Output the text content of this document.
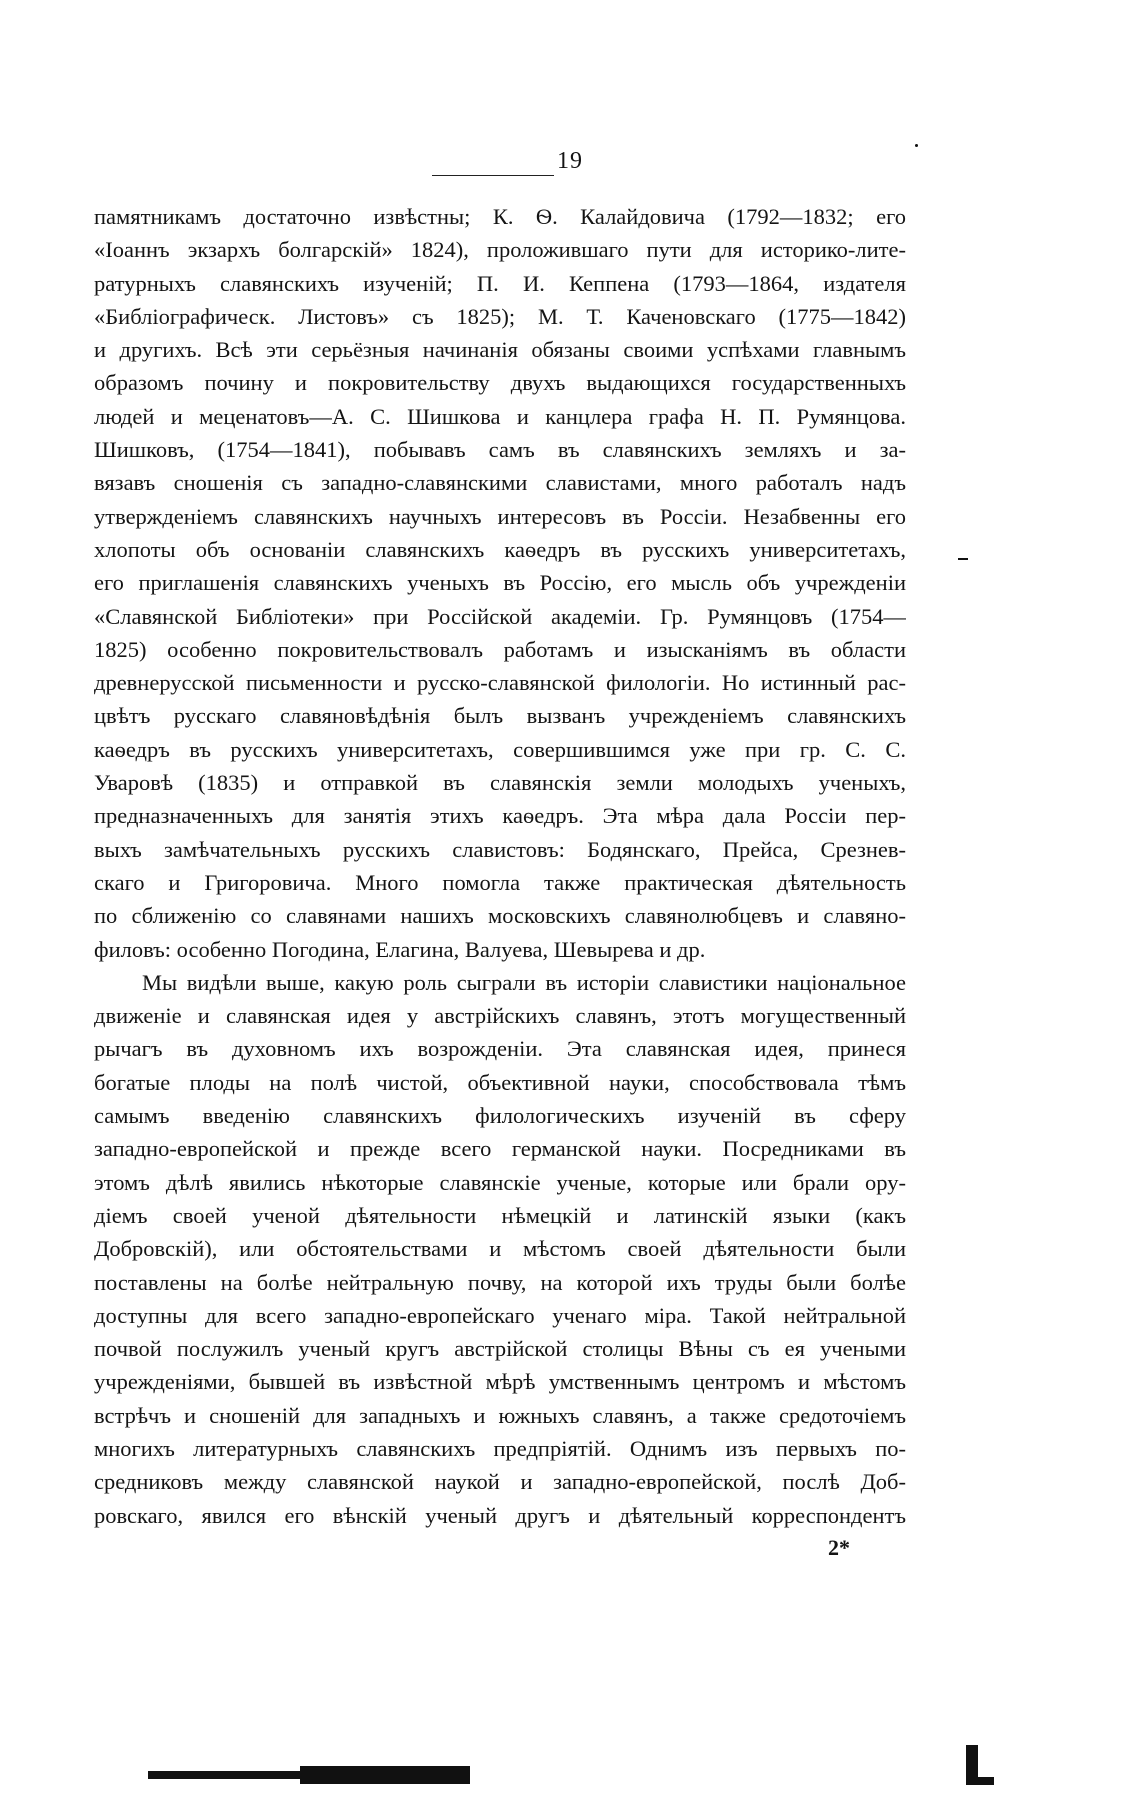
19
памятникамъ достаточно извѣстны; К. Ѳ. Калайдовича (1792—1832; его
«Іоаннъ экзархъ болгарскій» 1824), проложившаго пути для историко-литe-
ратурныхъ славянскихъ изученій; П. И. Кеппена (1793—1864, издателя
«Библіографическ. Листовъ» съ 1825); М. Т. Каченовскаго (1775—1842)
и другихъ. Всѣ эти серьёзныя начинанія обязаны своими успѣхами главнымъ
образомъ почину и покровительству двухъ выдающихся государственныхъ
людей и меценатовъ—А. С. Шишкова и канцлера графа Н. П. Румянцова.
Шишковъ, (1754—1841), побывавъ самъ въ славянскихъ земляхъ и за-
вязавъ сношенія съ западно-славянскими славистами, много работалъ надъ
утвержденіемъ славянскихъ научныхъ интересовъ въ Россіи. Незабвенны его
хлопоты объ основаніи славянскихъ каѳедръ въ русскихъ университетахъ,
его приглашенія славянскихъ ученыхъ въ Россію, его мысль объ учрежденіи
«Славянской Библіотеки» при Россійской академіи. Гр. Румянцовъ (1754—
1825) особенно покровительствовалъ работамъ и изысканіямъ въ области
древнерусской письменности и русско-славянской филологіи. Но истинный рас-
цвѣтъ русскаго славяновѣдѣнія былъ вызванъ учрежденіемъ славянскихъ
каѳедръ въ русскихъ университетахъ, совершившимся уже при гр. С. С.
Уваровѣ (1835) и отправкой въ славянскія земли молодыхъ ученыхъ,
предназначенныхъ для занятія этихъ каѳедръ. Эта мѣра дала Россіи пер-
выхъ замѣчательныхъ русскихъ славистовъ: Бодянскаго, Прейса, Срезнев-
скаго и Григоровича. Много помогла также практическая дѣятельность
по сближенію со славянами нашихъ московскихъ славянолюбцевъ и славяно-
филовъ: особенно Погодина, Елагина, Валуева, Шевырева и др.
Мы видѣли выше, какую роль сыграли въ исторіи славистики національное
движеніе и славянская идея у австрійскихъ славянъ, этотъ могущественный
рычагъ въ духовномъ ихъ возрожденіи. Эта славянская идея, принеся
богатые плоды на полѣ чистой, объективной науки, способствовала тѣмъ
самымъ введенію славянскихъ филологическихъ изученій въ сферу
западно-европейской и прежде всего германской науки. Посредниками въ
этомъ дѣлѣ явились нѣкоторые славянскіе ученые, которые или брали ору-
діемъ своей ученой дѣятельности нѣмецкій и латинскій языки (какъ
Добровскій), или обстоятельствами и мѣстомъ своей дѣятельности были
поставлены на болѣе нейтральную почву, на которой ихъ труды были болѣе
доступны для всего западно-европейскаго ученаго міра. Такой нейтральной
почвой послужилъ ученый кругъ австрійской столицы Вѣны съ ея учеными
учрежденіями, бывшей въ извѣстной мѣрѣ умственнымъ центромъ и мѣстомъ
встрѣчъ и сношеній для западныхъ и южныхъ славянъ, а также средоточіемъ
многихъ литературныхъ славянскихъ предпріятій. Однимъ изъ первыхъ по-
средниковъ между славянской наукой и западно-европейской, послѣ Доб-
ровскаго, явился его вѣнскій ученый другъ и дѣятельный корреспондентъ
2*
